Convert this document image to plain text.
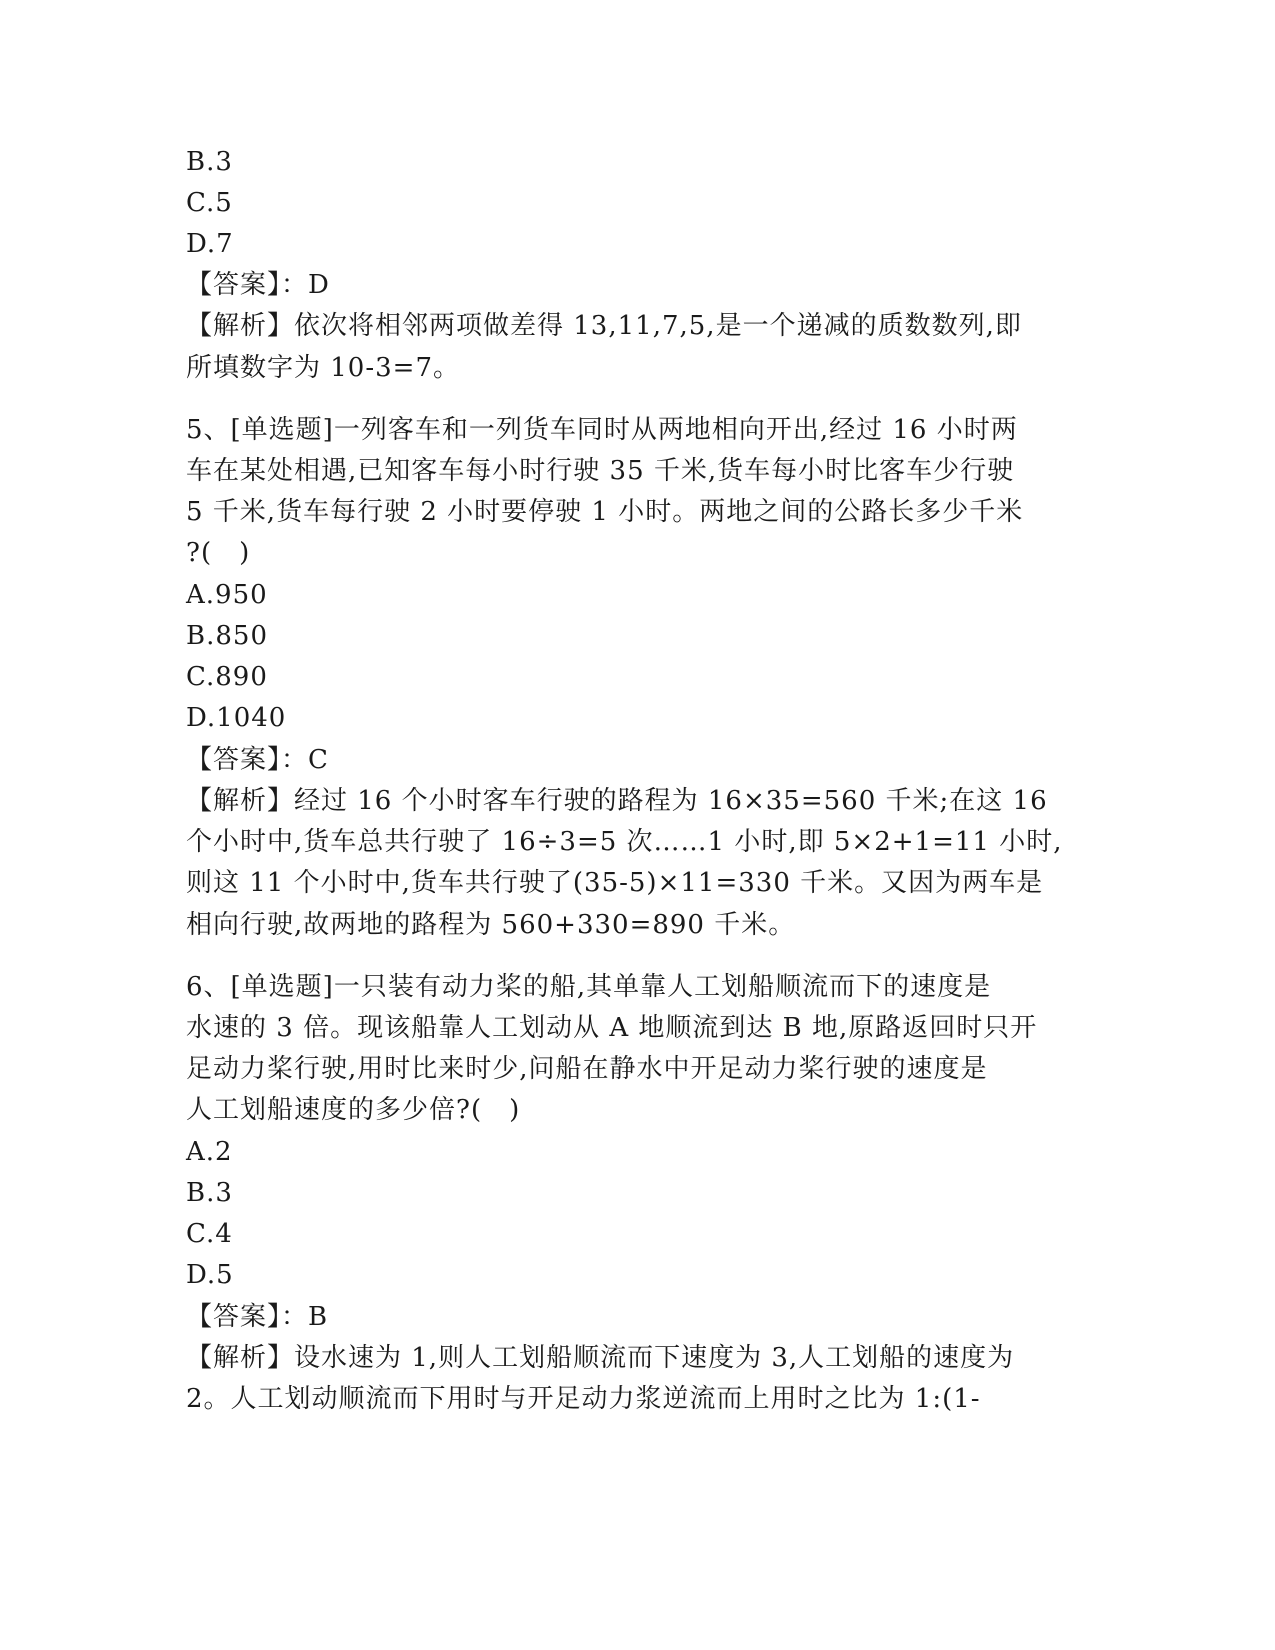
B.3
C.5
D.7
【答案】：D
【解析】依次将相邻两项做差得 13,11,7,5,是一个递减的质数数列,即
所填数字为 10-3=7。
5、[单选题]一列客车和一列货车同时从两地相向开出,经过 16 小时两
车在某处相遇,已知客车每小时行驶 35 千米,货车每小时比客车少行驶
5 千米,货车每行驶 2 小时要停驶 1 小时。两地之间的公路长多少千米
?(　)
A.950
B.850
C.890
D.1040
【答案】：C
【解析】经过 16 个小时客车行驶的路程为 16×35=560 千米;在这 16
个小时中,货车总共行驶了 16÷3=5 次……1 小时,即 5×2+1=11 小时,
则这 11 个小时中,货车共行驶了(35-5)×11=330 千米。又因为两车是
相向行驶,故两地的路程为 560+330=890 千米。
6、[单选题]一只装有动力桨的船,其单靠人工划船顺流而下的速度是
水速的 3 倍。现该船靠人工划动从 A 地顺流到达 B 地,原路返回时只开
足动力桨行驶,用时比来时少,问船在静水中开足动力桨行驶的速度是
人工划船速度的多少倍?(　)
A.2
B.3
C.4
D.5
【答案】：B
【解析】设水速为 1,则人工划船顺流而下速度为 3,人工划船的速度为
2。人工划动顺流而下用时与开足动力浆逆流而上用时之比为 1:(1-
